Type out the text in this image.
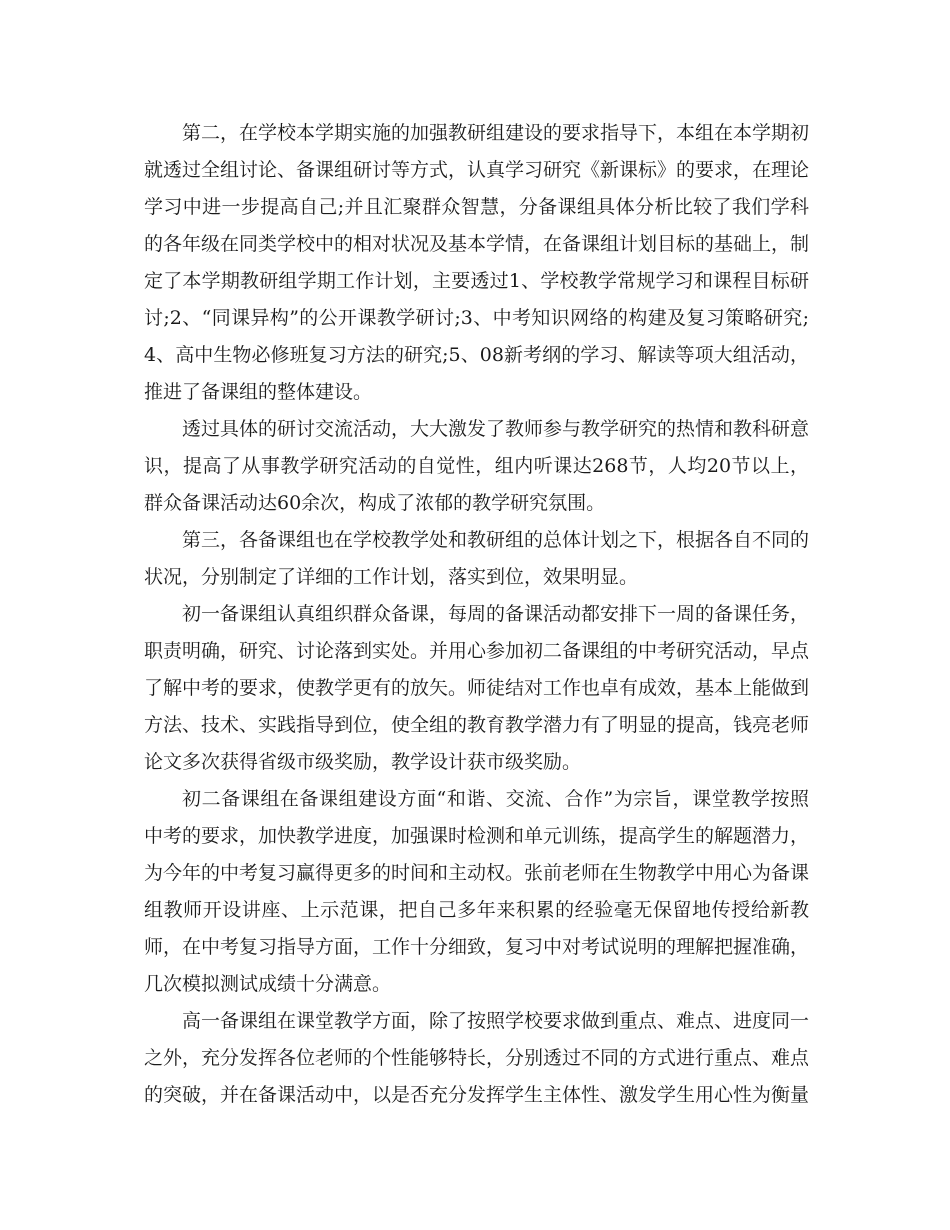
第二，在学校本学期实施的加强教研组建设的要求指导下，本组在本学期初就透过全组讨论、备课组研讨等方式，认真学习研究《新课标》的要求，在理论学习中进一步提高自己;并且汇聚群众智慧，分备课组具体分析比较了我们学科的各年级在同类学校中的相对状况及基本学情，在备课组计划目标的基础上，制定了本学期教研组学期工作计划，主要透过1、学校教学常规学习和课程目标研讨;2、“同课异构”的公开课教学研讨;3、中考知识网络的构建及复习策略研究;4、高中生物必修班复习方法的研究;5、08新考纲的学习、解读等项大组活动，推进了备课组的整体建设。

透过具体的研讨交流活动，大大激发了教师参与教学研究的热情和教科研意识，提高了从事教学研究活动的自觉性，组内听课达268节，人均20节以上，群众备课活动达60余次，构成了浓郁的教学研究氛围。

第三，各备课组也在学校教学处和教研组的总体计划之下，根据各自不同的状况，分别制定了详细的工作计划，落实到位，效果明显。

初一备课组认真组织群众备课，每周的备课活动都安排下一周的备课任务，职责明确，研究、讨论落到实处。并用心参加初二备课组的中考研究活动，早点了解中考的要求，使教学更有的放矢。师徒结对工作也卓有成效，基本上能做到方法、技术、实践指导到位，使全组的教育教学潜力有了明显的提高，钱亮老师论文多次获得省级市级奖励，教学设计获市级奖励。

初二备课组在备课组建设方面“和谐、交流、合作”为宗旨，课堂教学按照中考的要求，加快教学进度，加强课时检测和单元训练，提高学生的解题潜力，为今年的中考复习赢得更多的时间和主动权。张前老师在生物教学中用心为备课组教师开设讲座、上示范课，把自己多年来积累的经验毫无保留地传授给新教师，在中考复习指导方面，工作十分细致，复习中对考试说明的理解把握准确，几次模拟测试成绩十分满意。

高一备课组在课堂教学方面，除了按照学校要求做到重点、难点、进度同一之外，充分发挥各位老师的个性能够特长，分别透过不同的方式进行重点、难点的突破，并在备课活动中，以是否充分发挥学生主体性、激发学生用心性为衡量
